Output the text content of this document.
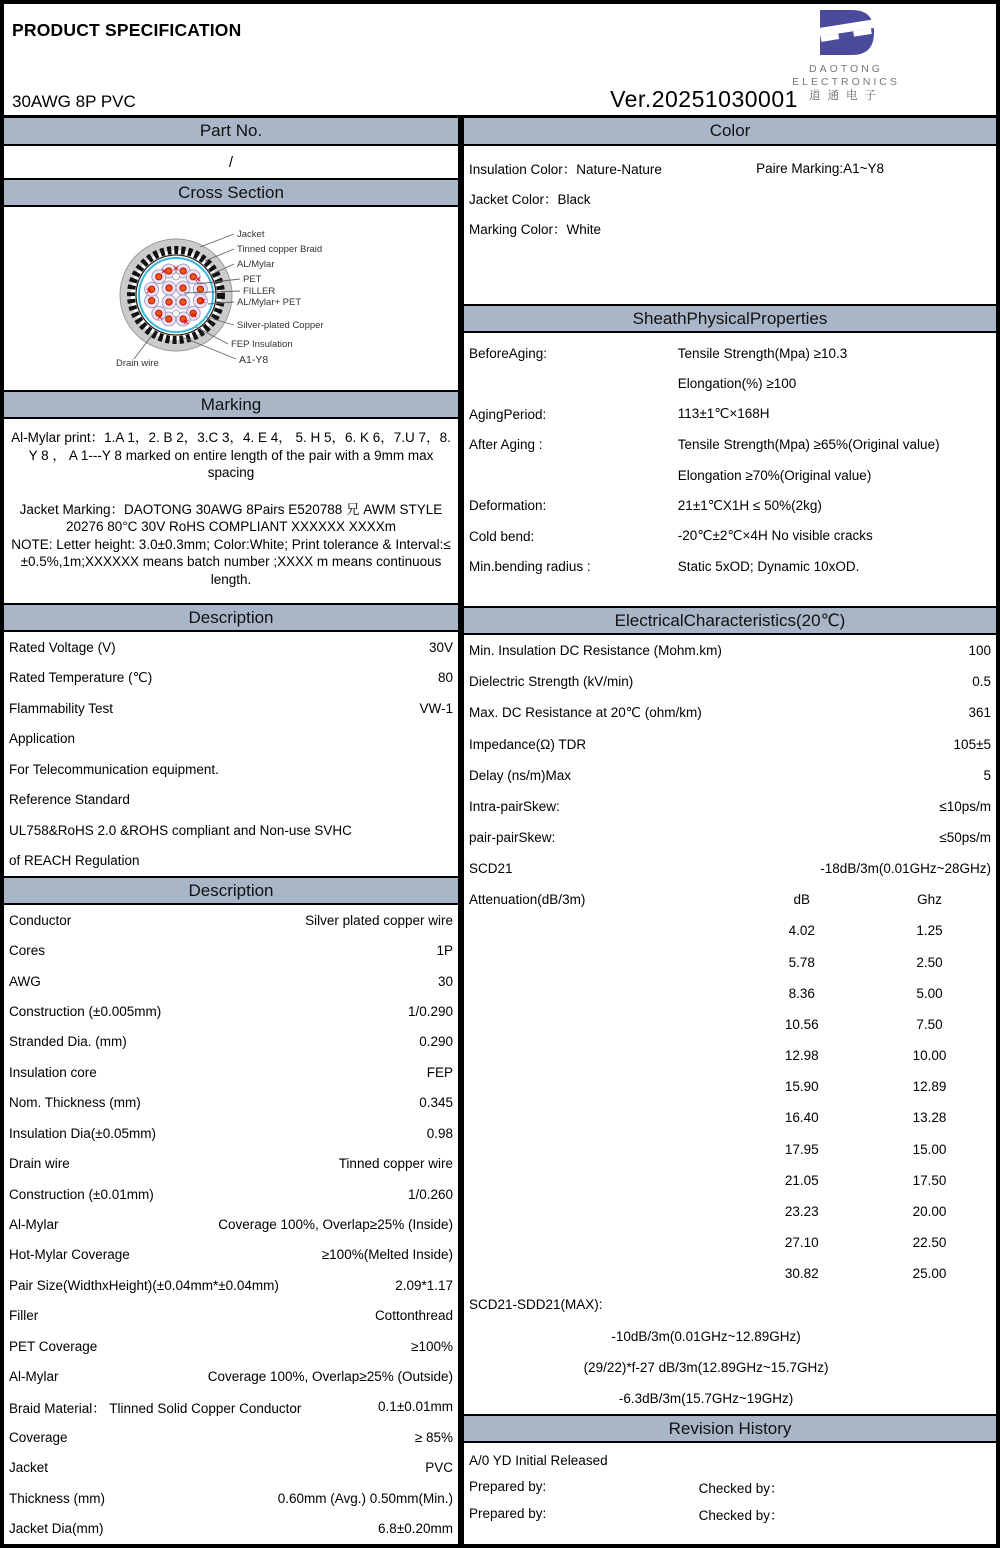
PRODUCT SPECIFICATION
30AWG 8P PVC	Ver.20251030001
DAOTONG
ELECTRONICS
道通电子
Part No.
/
Cross Section
Jacket
Tinned copper Braid
AL/Mylar
PET
FILLER
AL/Mylar+ PET
Silver-plated Copper
FEP Insulation
Drain wire	A1-Y8
Marking

Al-Mylar print：1.A 1，2. B 2，3.C 3，4. E 4， 5. H 5，6. K 6，7.U 7，8. Y 8 ， A 1---Y 8 marked on entire length of the pair with a 9mm max spacing

Jacket Marking：DAOTONG 30AWG 8Pairs E520788 兄 AWM STYLE 20276 80°C 30V RoHS COMPLIANT XXXXXX XXXXm

NOTE: Letter height: 3.0±0.3mm; Color:White; Print tolerance & Interval:≤ ±0.5%,1m;XXXXXX means batch number ;XXXX m means continuous length.

Description
Rated Voltage (V)	30V
Rated Temperature (℃)	80
Flammability Test	VW-1
Application
For Telecommunication equipment.
Reference Standard
UL758&RoHS 2.0 &ROHS compliant and Non-use SVHC
of REACH Regulation
Description
Conductor	Silver plated copper wire
Cores	1P
AWG	30
Construction (±0.005mm)	1/0.290
Stranded Dia. (mm)	0.290
Insulation core	FEP
Nom. Thickness (mm)	0.345
Insulation Dia(±0.05mm)	0.98
Drain wire	Tinned copper wire
Construction (±0.01mm)	1/0.260
Al-Mylar	Coverage 100%, Overlap≥25% (Inside)
Hot-Mylar Coverage	≥100%(Melted Inside)
Pair Size(WidthxHeight)(±0.04mm*±0.04mm)	2.09*1.17
Filler	Cottonthread
PET Coverage	≥100%
Al-Mylar	Coverage 100%, Overlap≥25% (Outside)
Braid Material： Tlinned Solid Copper Conductor	0.1±0.01mm
Coverage	≥ 85%
Jacket	PVC
Thickness (mm)	0.60mm (Avg.) 0.50mm(Min.)
Jacket Dia(mm)	6.8±0.20mm
Color
Insulation Color：Nature-Nature	Paire Marking:A1~Y8
Jacket Color：Black
Marking Color：White
SheathPhysicalProperties
BeforeAging:	Tensile Strength(Mpa) ≥10.3
Elongation(%) ≥100
AgingPeriod:	113±1℃×168H
After Aging :	Tensile Strength(Mpa) ≥65%(Original value)
Elongation ≥70%(Original value)
Deformation:	21±1℃X1H ≤ 50%(2kg)
Cold bend:	-20℃±2℃×4H No visible cracks
Min.bending radius :	Static 5xOD; Dynamic 10xOD.
ElectricalCharacteristics(20℃)
Min. Insulation DC Resistance (Mohm.km)	100
Dielectric Strength (kV/min)	0.5
Max. DC Resistance at 20℃ (ohm/km)	361
Impedance(Ω) TDR	105±5
Delay (ns/m)Max	5
Intra-pairSkew:	≤10ps/m
pair-pairSkew:	≤50ps/m
SCD21	-18dB/3m(0.01GHz~28GHz)
Attenuation(dB/3m)	dB	Ghz
4.02	1.25
5.78	2.50
8.36	5.00
10.56	7.50
12.98	10.00
15.90	12.89
16.40	13.28
17.95	15.00
21.05	17.50
23.23	20.00
27.10	22.50
30.82	25.00
SCD21-SDD21(MAX):
-10dB/3m(0.01GHz~12.89GHz)
(29/22)*f-27 dB/3m(12.89GHz~15.7GHz)
-6.3dB/3m(15.7GHz~19GHz)
Revision History
A/0 YD Initial Released
Prepared by:	Checked by：
Prepared by:	Checked by：
